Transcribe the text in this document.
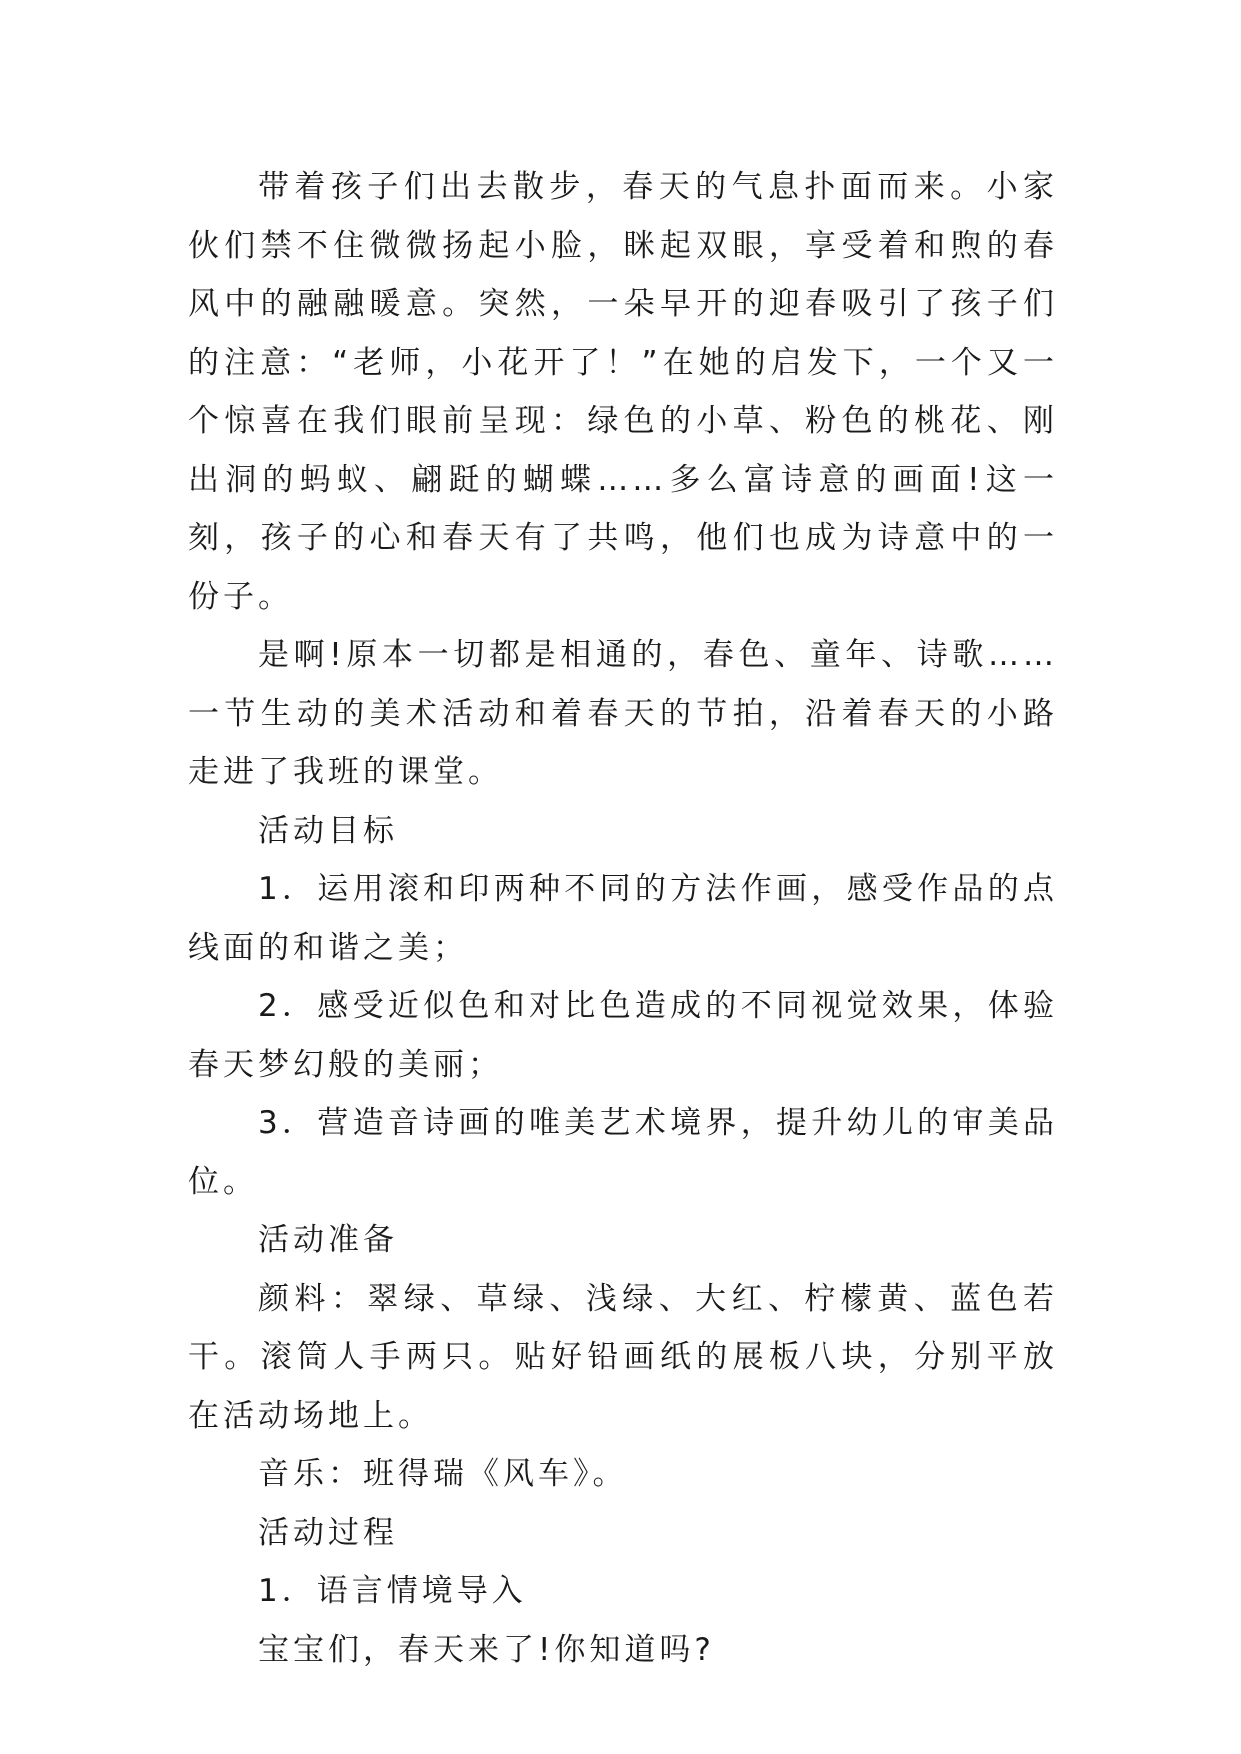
带着孩子们出去散步，春天的气息扑面而来。小家伙们禁不住微微扬起小脸，眯起双眼，享受着和煦的春风中的融融暖意。突然，一朵早开的迎春吸引了孩子们的注意：“老师，小花开了！”在她的启发下，一个又一个惊喜在我们眼前呈现：绿色的小草、粉色的桃花、刚出洞的蚂蚁、翩跹的蝴蝶……多么富诗意的画面!这一刻，孩子的心和春天有了共鸣，他们也成为诗意中的一份子。

是啊!原本一切都是相通的，春色、童年、诗歌……一节生动的美术活动和着春天的节拍，沿着春天的小路走进了我班的课堂。

活动目标

1．运用滚和印两种不同的方法作画，感受作品的点线面的和谐之美；

2．感受近似色和对比色造成的不同视觉效果，体验春天梦幻般的美丽；

3．营造音诗画的唯美艺术境界，提升幼儿的审美品位。

活动准备

颜料：翠绿、草绿、浅绿、大红、柠檬黄、蓝色若干。滚筒人手两只。贴好铅画纸的展板八块，分别平放在活动场地上。

音乐：班得瑞《风车》。

活动过程

1．语言情境导入

宝宝们，春天来了!你知道吗?
